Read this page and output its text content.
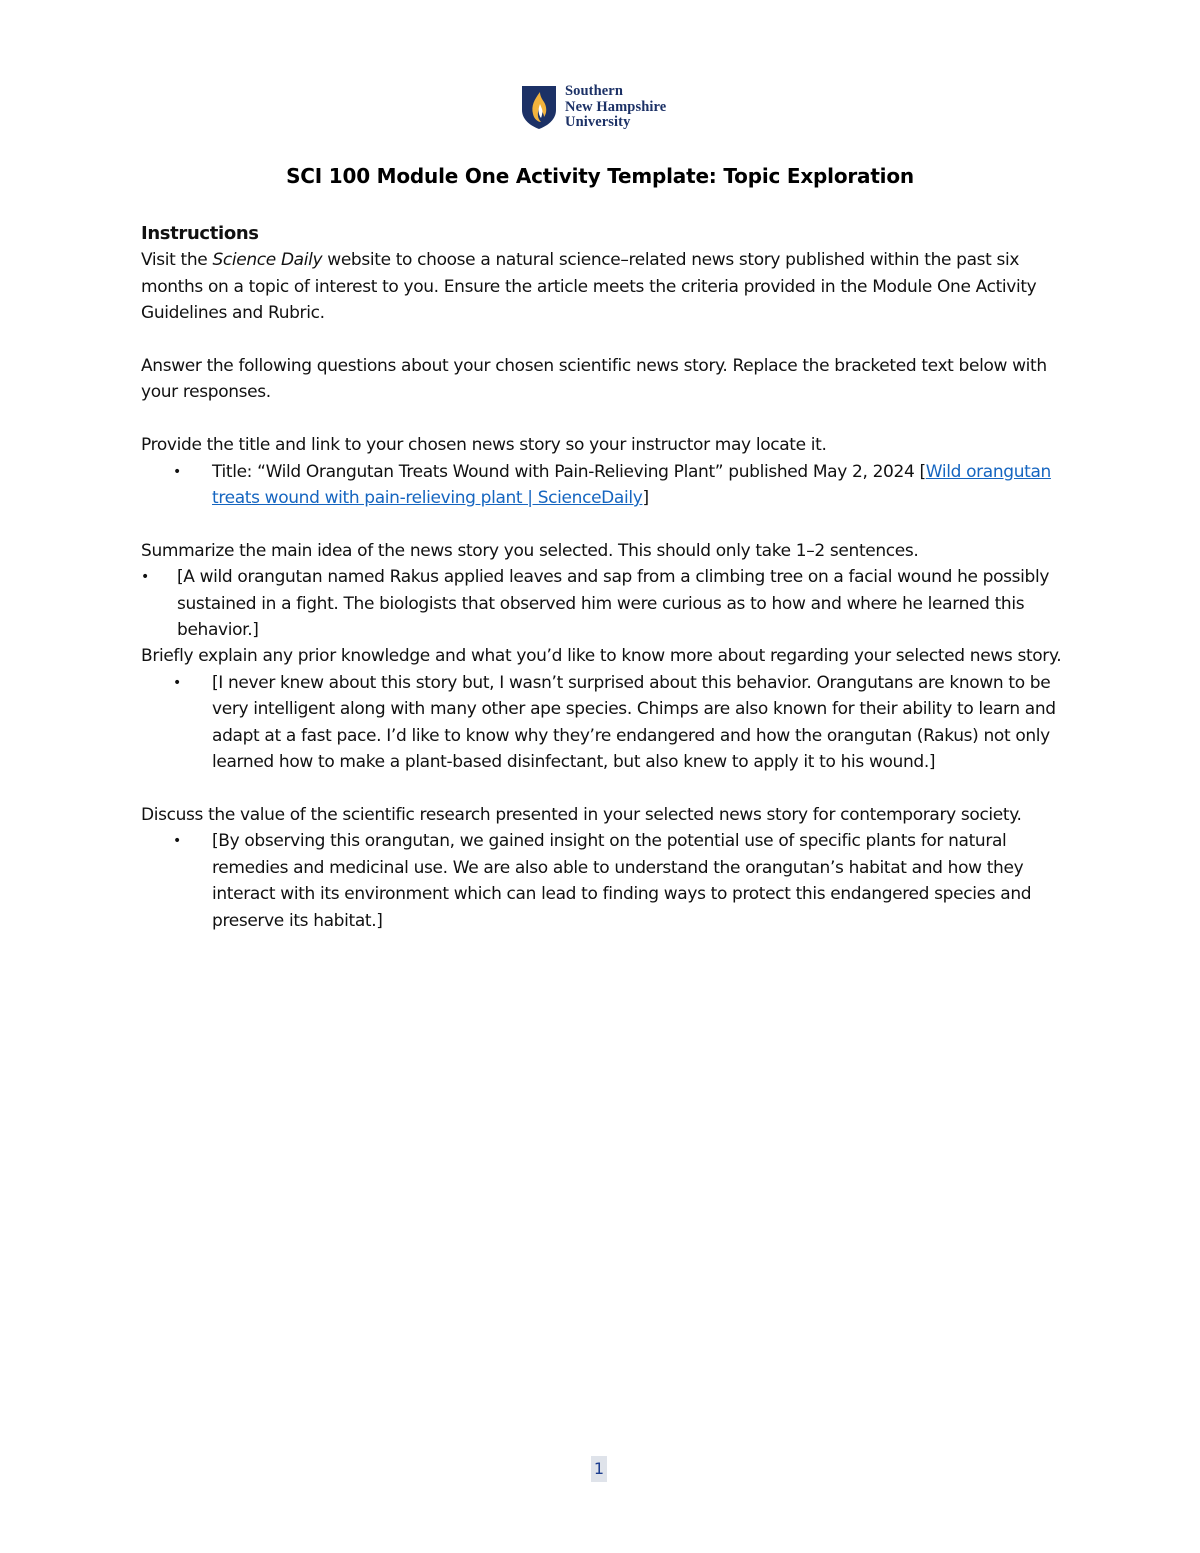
Southern
New Hampshire
University
SCI 100 Module One Activity Template: Topic Exploration

Instructions

Visit the Science Daily website to choose a natural science–related news story published within the past six months on a topic of interest to you. Ensure the article meets the criteria provided in the Module One Activity Guidelines and Rubric.

Answer the following questions about your chosen scientific news story. Replace the bracketed text below with your responses.

Provide the title and link to your chosen news story so your instructor may locate it.

• Title: “Wild Orangutan Treats Wound with Pain-Relieving Plant” published May 2, 2024 [Wild orangutan treats wound with pain-relieving plant | ScienceDaily]

Summarize the main idea of the news story you selected. This should only take 1–2 sentences.

• [A wild orangutan named Rakus applied leaves and sap from a climbing tree on a facial wound he possibly sustained in a fight. The biologists that observed him were curious as to how and where he learned this behavior.]

Briefly explain any prior knowledge and what you’d like to know more about regarding your selected news story.

• [I never knew about this story but, I wasn’t surprised about this behavior. Orangutans are known to be very intelligent along with many other ape species. Chimps are also known for their ability to learn and adapt at a fast pace. I’d like to know why they’re endangered and how the orangutan (Rakus) not only learned how to make a plant-based disinfectant, but also knew to apply it to his wound.]

Discuss the value of the scientific research presented in your selected news story for contemporary society.

• [By observing this orangutan, we gained insight on the potential use of specific plants for natural remedies and medicinal use. We are also able to understand the orangutan’s habitat and how they interact with its environment which can lead to finding ways to protect this endangered species and preserve its habitat.]
1
